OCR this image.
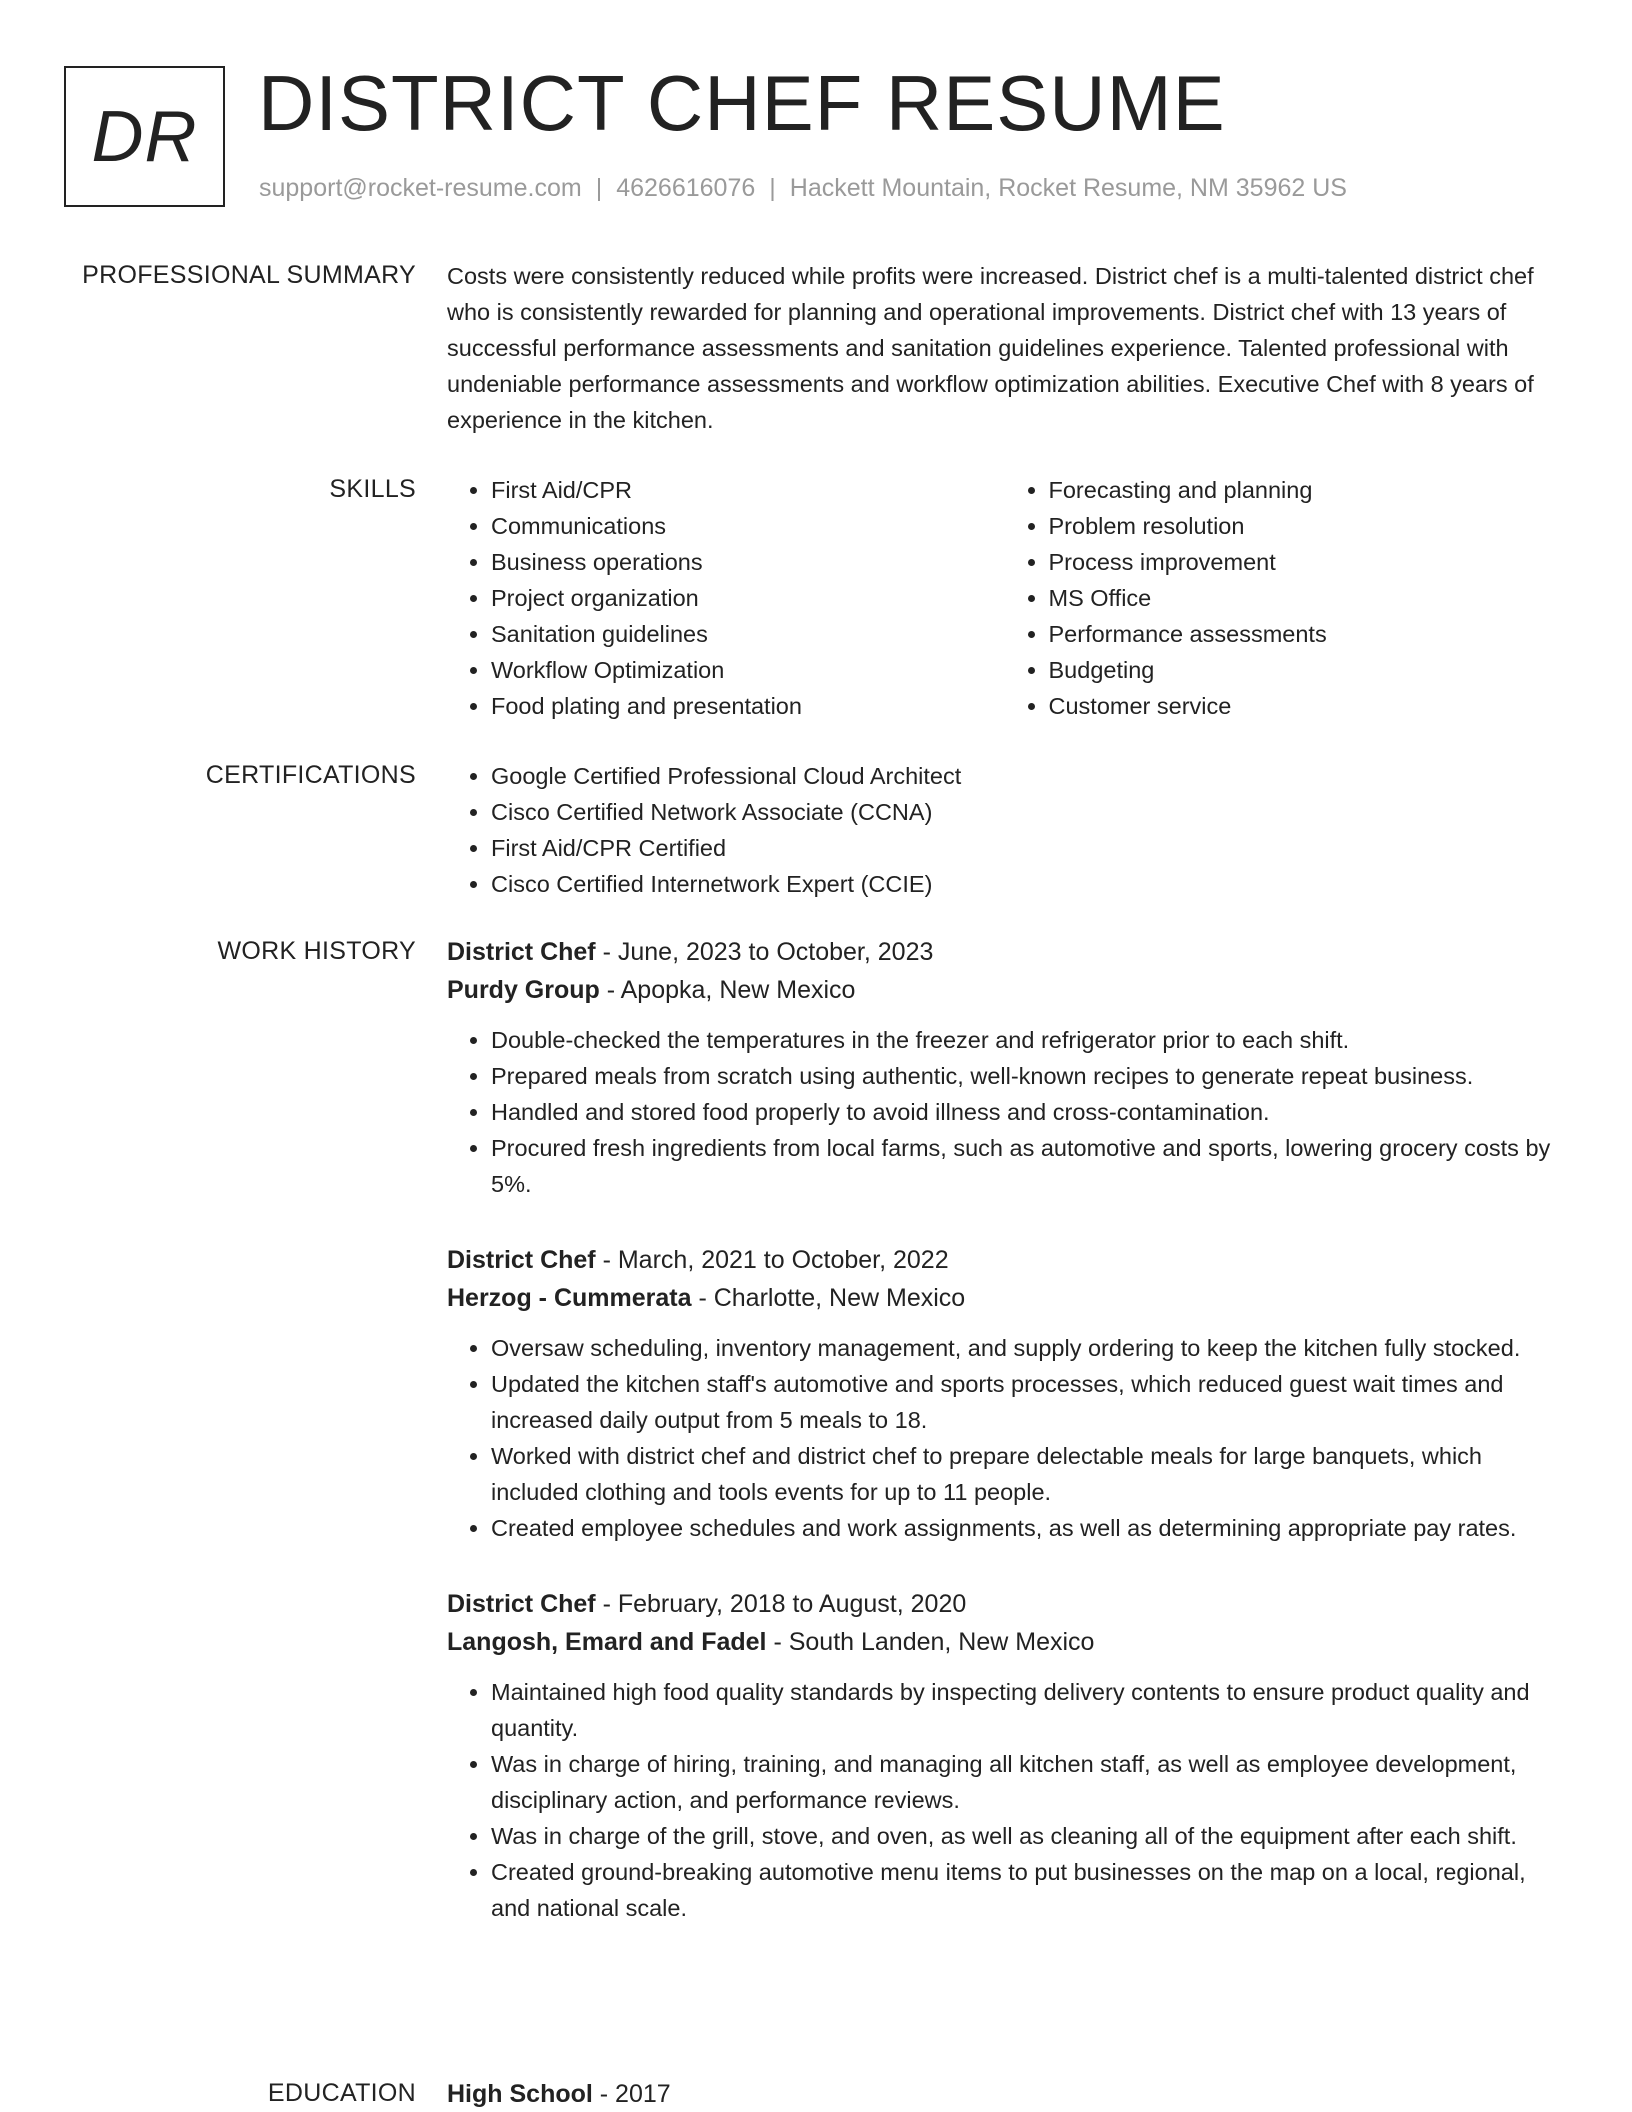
DR DISTRICT CHEF RESUME
support@rocket-resume.com | 4626616076 | Hackett Mountain, Rocket Resume, NM 35962 US
PROFESSIONAL SUMMARY Costs were consistently reduced while profits were increased. District chef is a multi-talented district chef who is consistently rewarded for planning and operational improvements. District chef with 13 years of successful performance assessments and sanitation guidelines experience. Talented professional with undeniable performance assessments and workflow optimization abilities. Executive Chef with 8 years of experience in the kitchen.

SKILLS	• First Aid/CPR
• Communications
• Business operations
• Project organization
• Sanitation guidelines
• Workflow Optimization
• Food plating and presentation
• Forecasting and planning
• Problem resolution
• Process improvement
• MS Office
• Performance assessments
• Budgeting
• Customer service
CERTIFICATIONS	• Google Certified Professional Cloud Architect
• Cisco Certified Network Associate (CCNA)
• First Aid/CPR Certified
• Cisco Certified Internetwork Expert (CCIE)
WORK HISTORY District Chef - June, 2023 to October, 2023
Purdy Group - Apopka, New Mexico
• Double-checked the temperatures in the freezer and refrigerator prior to each shift.
• Prepared meals from scratch using authentic, well-known recipes to generate repeat business.
• Handled and stored food properly to avoid illness and cross-contamination.
• Procured fresh ingredients from local farms, such as automotive and sports, lowering grocery costs by 5%.
District Chef - March, 2021 to October, 2022
Herzog - Cummerata - Charlotte, New Mexico
• Oversaw scheduling, inventory management, and supply ordering to keep the kitchen fully stocked.
• Updated the kitchen staff's automotive and sports processes, which reduced guest wait times and increased daily output from 5 meals to 18.
• Worked with district chef and district chef to prepare delectable meals for large banquets, which included clothing and tools events for up to 11 people.
• Created employee schedules and work assignments, as well as determining appropriate pay rates.
District Chef - February, 2018 to August, 2020
Langosh, Emard and Fadel - South Landen, New Mexico
• Maintained high food quality standards by inspecting delivery contents to ensure product quality and quantity.
• Was in charge of hiring, training, and managing all kitchen staff, as well as employee development, disciplinary action, and performance reviews.
• Was in charge of the grill, stove, and oven, as well as cleaning all of the equipment after each shift.
• Created ground-breaking automotive menu items to put businesses on the map on a local, regional, and national scale.
EDUCATION High School - 2017
